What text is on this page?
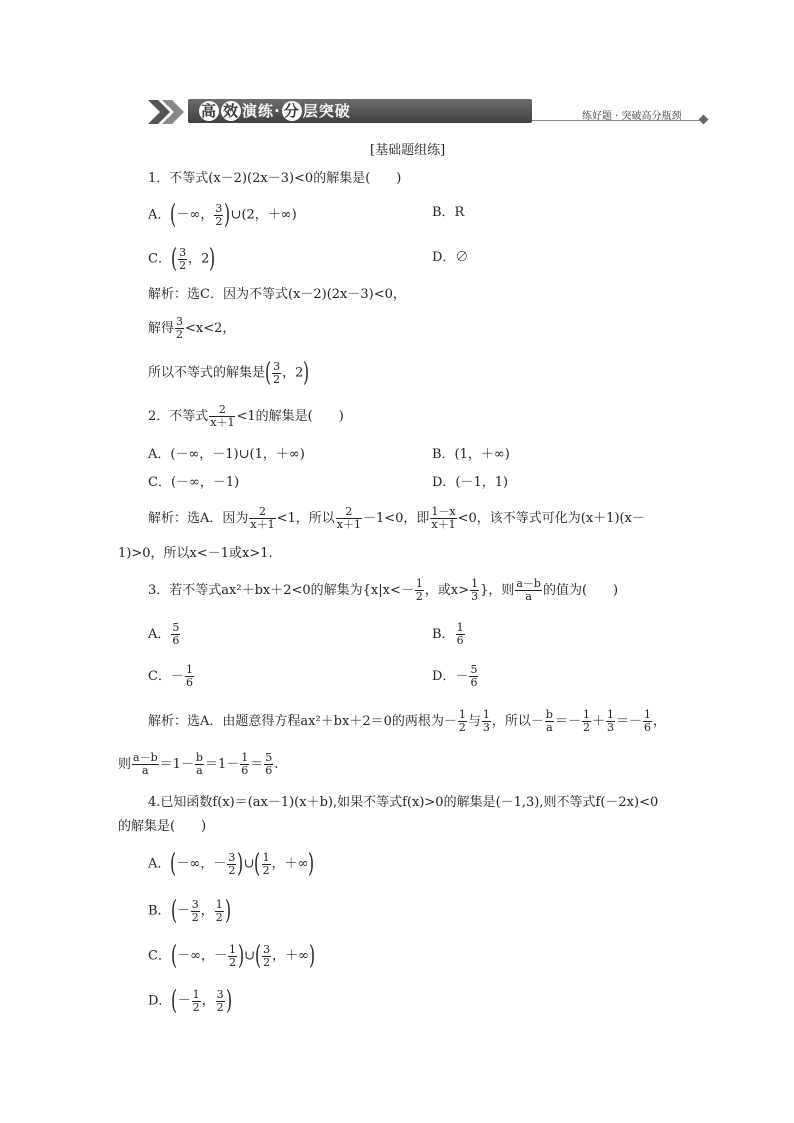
高 效 演练· 分 层突破	练好题 · 突破高分瓶颈
[基础题组练]
1．不等式(x－2)(2x－3)<0的解集是(　　)
A．(－∞， $\frac{3}{2}$ )∪(2，＋∞)	B．R
C．( $\frac{3}{2}$ ，2)	D．∅
解析：选C．因为不等式(x－2)(2x－3)<0，
解得 $\frac{3}{2} <x<2$，
所以不等式的解集是( $\frac{3}{2}$ ，2)
2．不等式 $\frac{2}{x+1} <1$的解集是(　　)
A．(－∞，－1)∪(1，＋∞)	B．(1，＋∞)
C．(－∞，－1)	D．(－1，1)
解析：选A．因为 $\frac{2}{x+1} <1$，所以 $\frac{2}{x+1} -1<0$，即 $\frac{1-x}{x+1} <0$，该不等式可化为(x＋1)(x－
1)>0，所以x<－1或x>1.
3．若不等式ax²＋bx＋2<0的解集为{$x|x<- \frac{1}{2}$ ，或$x> \frac{1}{3}$ }，则 $\frac{a-b}{a}$ 的值为(　　)
A． $\frac{5}{6}$	B． $\frac{1}{6}$
C．－ $\frac{1}{6}$	D．－ $\frac{5}{6}$
解析：选A．由题意得方程ax²＋bx＋2＝0的两根为－ $\frac{1}{2}$ 与 $\frac{1}{3}$ ，所以－ $\frac{b}{a} =- \frac{1}{2} + \frac{1}{3} =- \frac{1}{6}$ ，
则 $\frac{a-b}{a} =1- \frac{b}{a} =1- \frac{1}{6} = \frac{5}{6}$ .
4.已知函数f(x)＝(ax－1)(x＋b),如果不等式f(x)>0的解集是(－1,3),则不等式f(－2x)<0
的解集是(　　)
A．(－∞，－ $\frac{3}{2}$ )∪( $\frac{1}{2}$ ，＋∞)
B．(－ $\frac{3}{2}$ ， $\frac{1}{2}$ )
C．(－∞，－ $\frac{1}{2}$ )∪( $\frac{3}{2}$ ，＋∞)
D．(－ $\frac{1}{2}$ ， $\frac{3}{2}$ )
